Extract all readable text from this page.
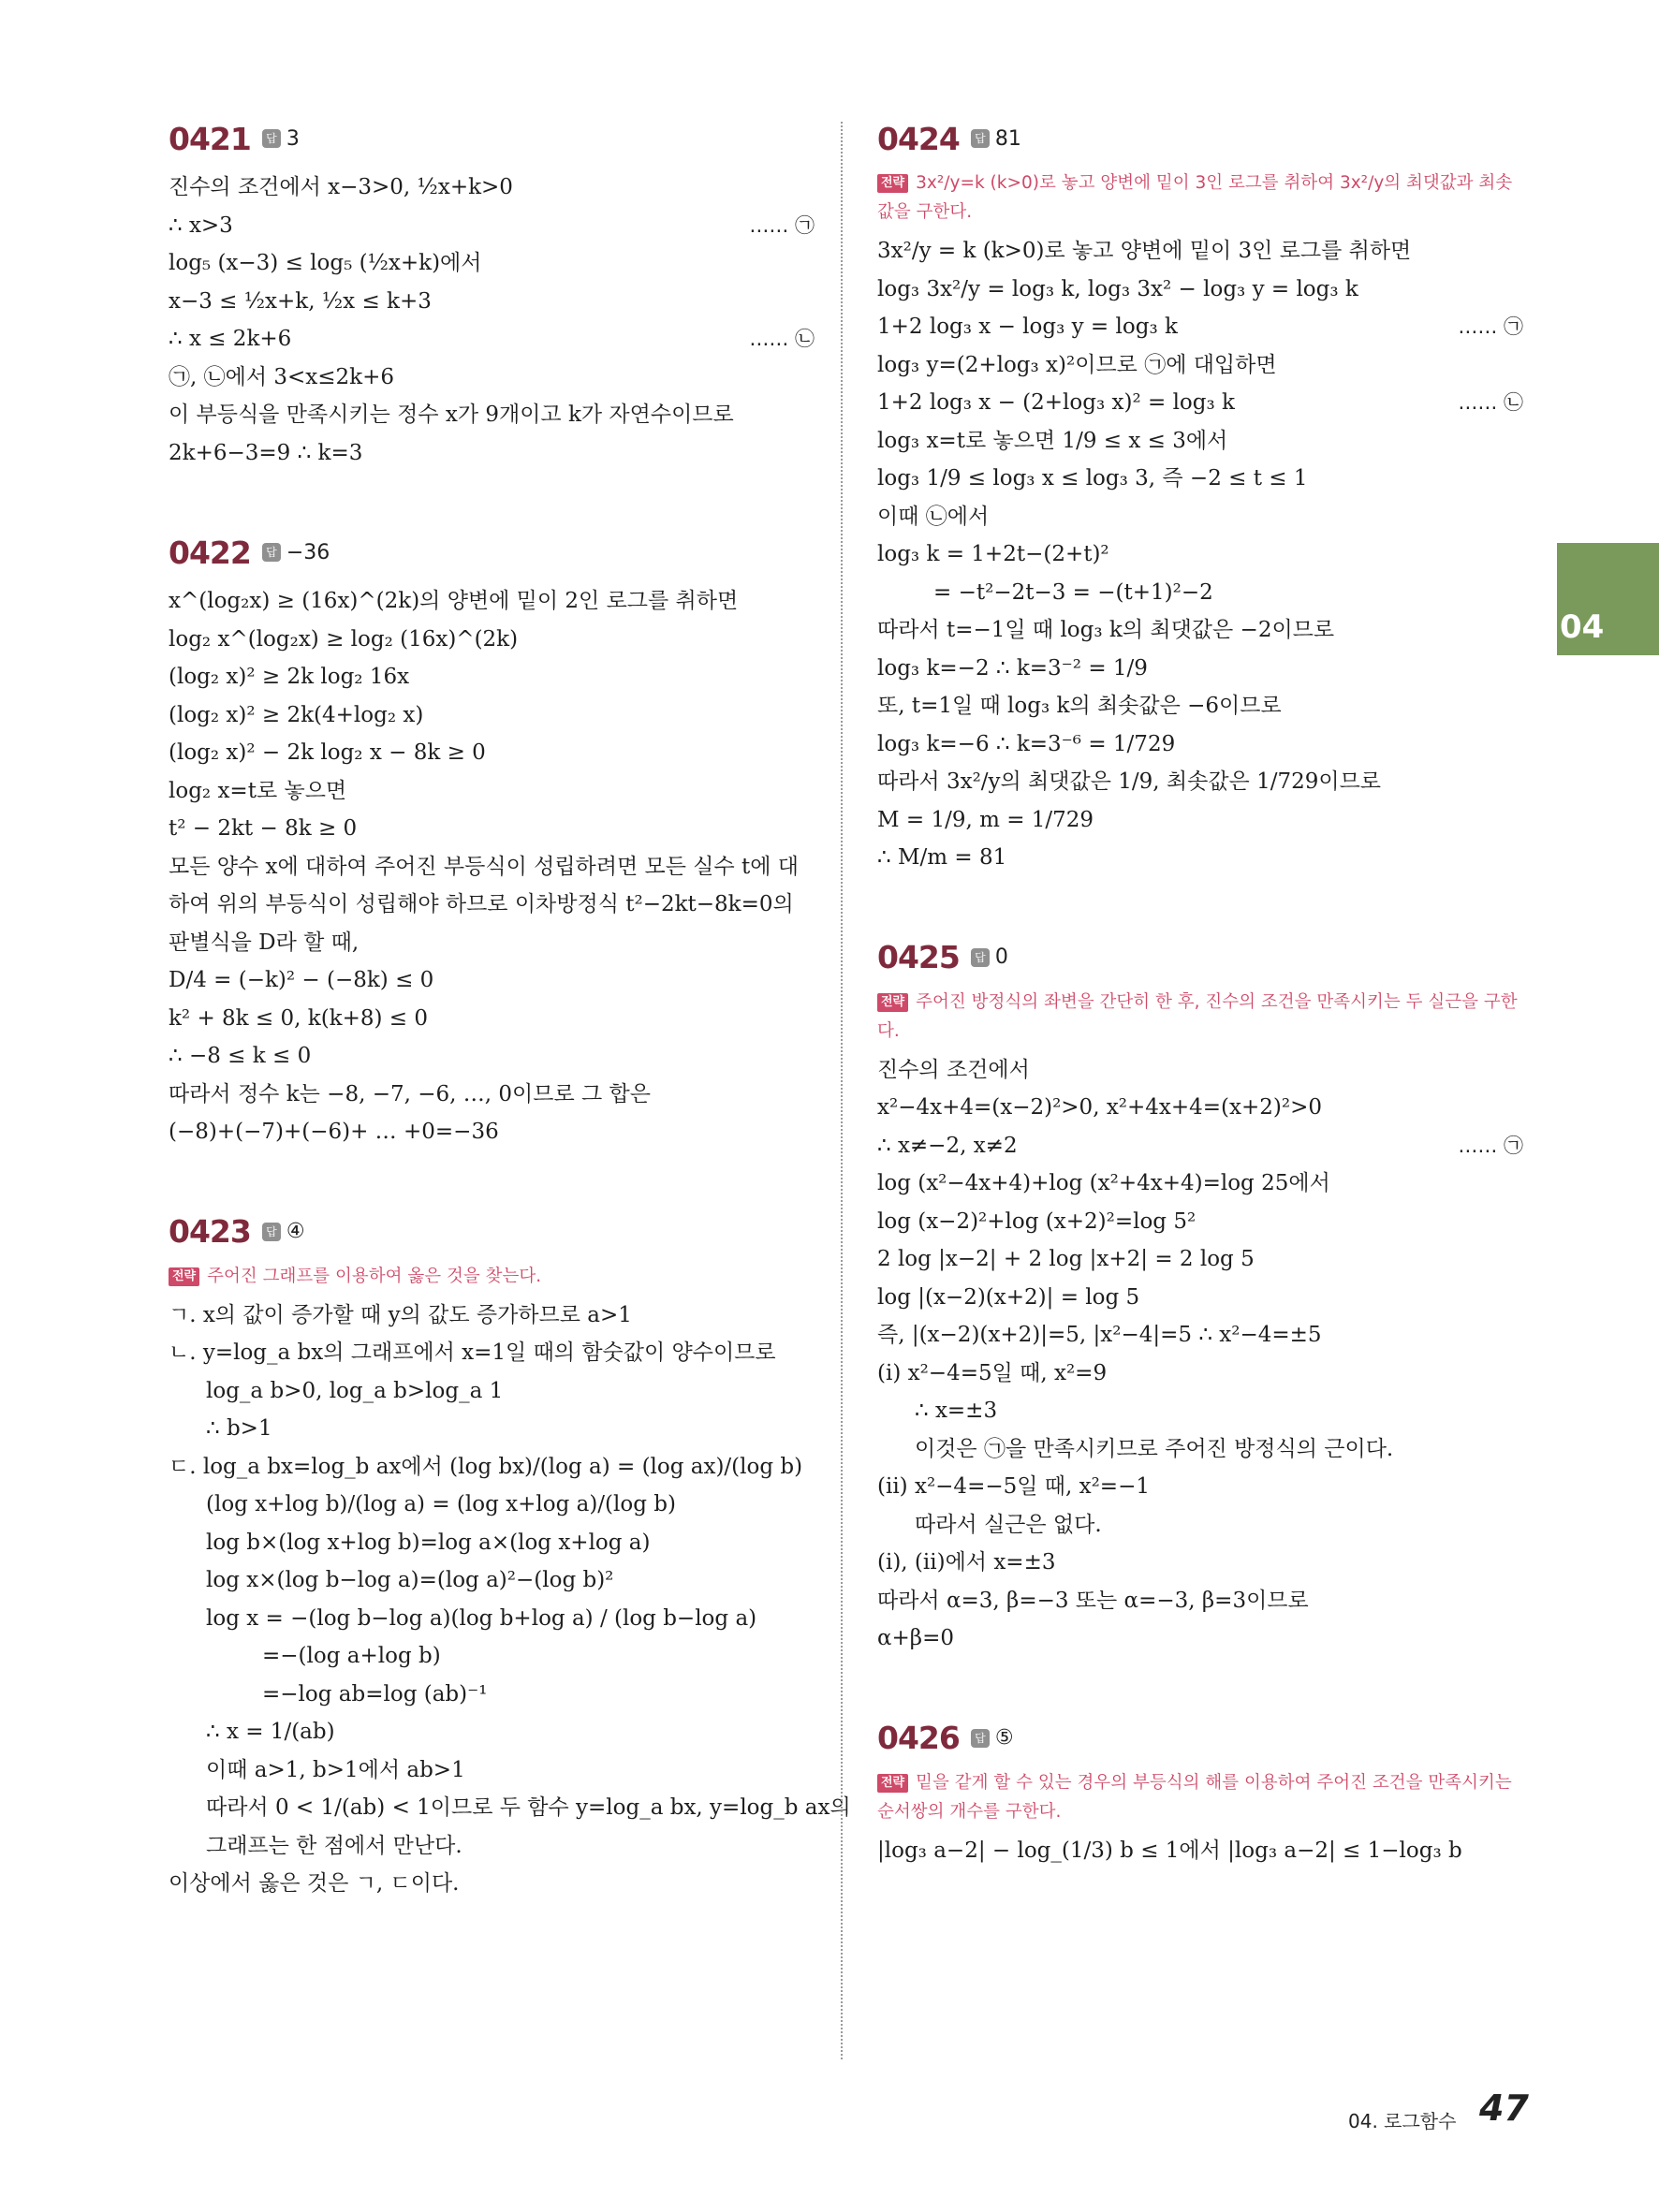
0421	답 3
진수의 조건에서 x−3>0, ½x+k>0
∴ x>3	…… ㉠
log₅ (x−3) ≤ log₅ (½x+k)에서
x−3 ≤ ½x+k, ½x ≤ k+3
∴ x ≤ 2k+6	…… ㉡
㉠, ㉡에서 3<x≤2k+6
이 부등식을 만족시키는 정수 x가 9개이고 k가 자연수이므로
2k+6−3=9 ∴ k=3
0422	답 −36
x^(log₂x) ≥ (16x)^(2k)의 양변에 밑이 2인 로그를 취하면
log₂ x^(log₂x) ≥ log₂ (16x)^(2k)
(log₂ x)² ≥ 2k log₂ 16x
(log₂ x)² ≥ 2k(4+log₂ x)
(log₂ x)² − 2k log₂ x − 8k ≥ 0
log₂ x=t로 놓으면
t² − 2kt − 8k ≥ 0
모든 양수 x에 대하여 주어진 부등식이 성립하려면 모든 실수 t에 대
하여 위의 부등식이 성립해야 하므로 이차방정식 t²−2kt−8k=0의
판별식을 D라 할 때,
D/4 = (−k)² − (−8k) ≤ 0
k² + 8k ≤ 0, k(k+8) ≤ 0
∴ −8 ≤ k ≤ 0
따라서 정수 k는 −8, −7, −6, …, 0이므로 그 합은
(−8)+(−7)+(−6)+ … +0=−36
0423	답 ④
전략 주어진 그래프를 이용하여 옳은 것을 찾는다.
ㄱ. x의 값이 증가할 때 y의 값도 증가하므로 a>1
ㄴ. y=log_a bx의 그래프에서 x=1일 때의 함숫값이 양수이므로
log_a b>0, log_a b>log_a 1
∴ b>1
ㄷ. log_a bx=log_b ax에서 (log bx)/(log a) = (log ax)/(log b)
(log x+log b)/(log a) = (log x+log a)/(log b)
log b×(log x+log b)=log a×(log x+log a)
log x×(log b−log a)=(log a)²−(log b)²
log x = −(log b−log a)(log b+log a) / (log b−log a)
=−(log a+log b)
=−log ab=log (ab)⁻¹
∴ x = 1/(ab)
이때 a>1, b>1에서 ab>1
따라서 0 < 1/(ab) < 1이므로 두 함수 y=log_a bx, y=log_b ax의
그래프는 한 점에서 만난다.
이상에서 옳은 것은 ㄱ, ㄷ이다.
0424	답 81
전략 3x²/y=k (k>0)로 놓고 양변에 밑이 3인 로그를 취하여 3x²/y의 최댓값과 최솟값을 구한다.
3x²/y = k (k>0)로 놓고 양변에 밑이 3인 로그를 취하면
log₃ 3x²/y = log₃ k, log₃ 3x² − log₃ y = log₃ k
1+2 log₃ x − log₃ y = log₃ k	…… ㉠
log₃ y=(2+log₃ x)²이므로 ㉠에 대입하면
1+2 log₃ x − (2+log₃ x)² = log₃ k	…… ㉡
log₃ x=t로 놓으면 1/9 ≤ x ≤ 3에서
log₃ 1/9 ≤ log₃ x ≤ log₃ 3, 즉 −2 ≤ t ≤ 1
이때 ㉡에서
log₃ k = 1+2t−(2+t)²
= −t²−2t−3 = −(t+1)²−2
따라서 t=−1일 때 log₃ k의 최댓값은 −2이므로
log₃ k=−2 ∴ k=3⁻² = 1/9
또, t=1일 때 log₃ k의 최솟값은 −6이므로
log₃ k=−6 ∴ k=3⁻⁶ = 1/729
따라서 3x²/y의 최댓값은 1/9, 최솟값은 1/729이므로
M = 1/9, m = 1/729
∴ M/m = 81
0425	답 0
전략 주어진 방정식의 좌변을 간단히 한 후, 진수의 조건을 만족시키는 두 실근을 구한다.
진수의 조건에서
x²−4x+4=(x−2)²>0, x²+4x+4=(x+2)²>0
∴ x≠−2, x≠2	…… ㉠
log (x²−4x+4)+log (x²+4x+4)=log 25에서
log (x−2)²+log (x+2)²=log 5²
2 log |x−2| + 2 log |x+2| = 2 log 5
log |(x−2)(x+2)| = log 5
즉, |(x−2)(x+2)|=5, |x²−4|=5 ∴ x²−4=±5
(i) x²−4=5일 때, x²=9
∴ x=±3
이것은 ㉠을 만족시키므로 주어진 방정식의 근이다.
(ii) x²−4=−5일 때, x²=−1
따라서 실근은 없다.
(i), (ii)에서 x=±3
따라서 α=3, β=−3 또는 α=−3, β=3이므로
α+β=0
0426	답 ⑤
전략 밑을 같게 할 수 있는 경우의 부등식의 해를 이용하여 주어진 조건을 만족시키는 순서쌍의 개수를 구한다.
|log₃ a−2| − log_(1/3) b ≤ 1에서 |log₃ a−2| ≤ 1−log₃ b
04
04. 로그함수 47
